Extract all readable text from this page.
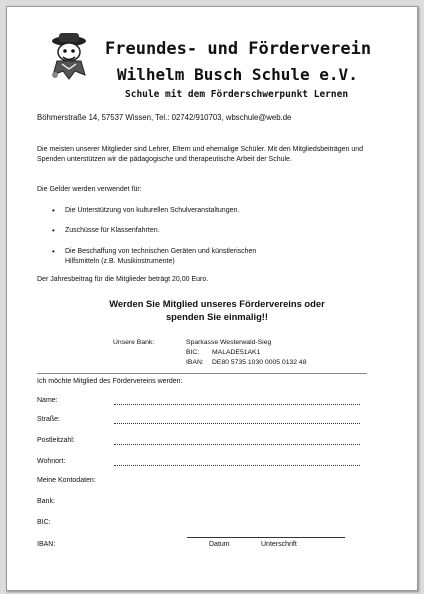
Freundes- und Förderverein
Wilhelm Busch Schule e.V.
Schule mit dem Förderschwerpunkt Lernen
Böhmerstraße 14, 57537 Wissen, Tel.: 02742/910703, wbschule@web.de
Die meisten unserer Mitglieder sind Lehrer, Eltern und ehemalige Schüler. Mit den Mitgliedsbeiträgen und Spenden unterstützen wir die pädagogische und therapeutische Arbeit der Schule.
Die Gelder werden verwendet für:
• Die Unterstützung von kulturellen Schulveranstaltungen.
• Zuschüsse für Klassenfahrten.
• Die Beschaffung von technischen Geräten und künstlerischen Hilfsmitteln (z.B. Musikinstrumente)
Der Jahresbeitrag für die Mitglieder beträgt 20,00 Euro.
Werden Sie Mitglied unseres Fördervereins oder
spenden Sie einmalig!!
Unsere Bank:	Sparkasse Westerwald-Sieg
BIC:	MALADE51AK1
IBAN:	DE80 5735 1030 0005 0132 48
Ich möchte Mitglied des Fördervereins werden:
Name:
Straße:
Postleitzahl:
Wohnort:
Meine Kontodaten:
Bank:
BIC:
IBAN:	Datum	Unterschrift
